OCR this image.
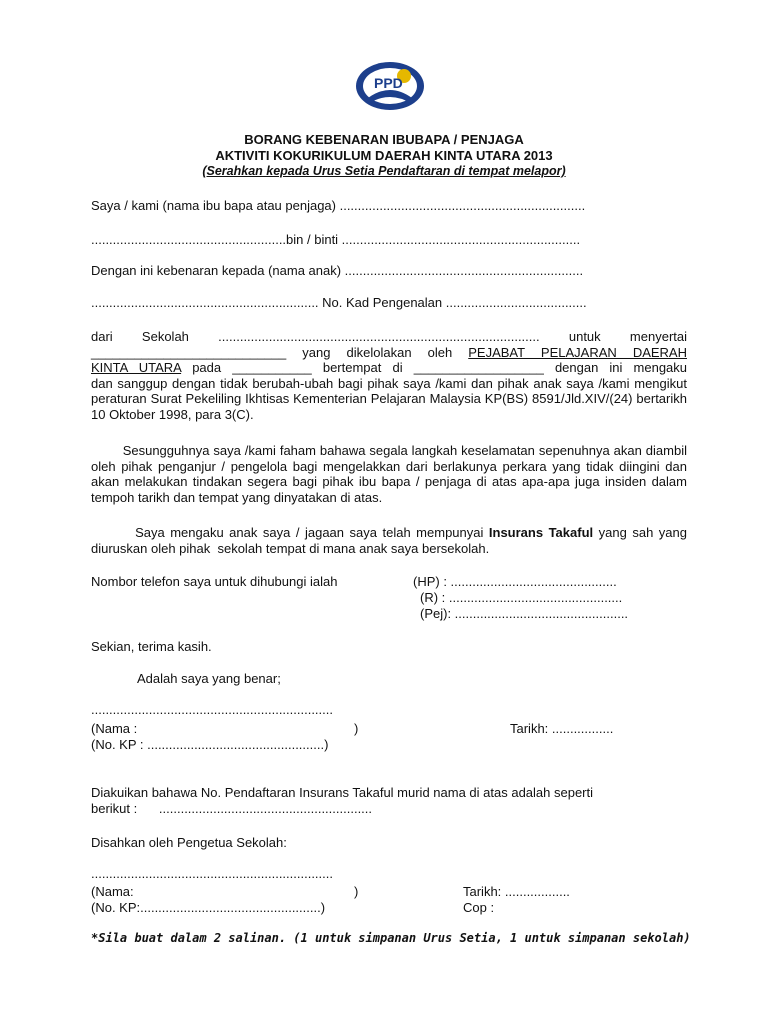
PPD
BORANG KEBENARAN IBUBAPA / PENJAGA
AKTIVITI KOKURIKULUM DAERAH KINTA UTARA 2013
(Serahkan kepada Urus Setia Pendaftaran di tempat melapor)
Saya / kami (nama ibu bapa atau penjaga) ....................................................................
......................................................bin / binti ..................................................................
Dengan ini kebenaran kepada (nama anak) ..................................................................
............................................................... No. Kad Pengenalan .......................................

dari Sekolah ......................................................................................... untuk menyertai

___________________________ yang dikelolakan oleh PEJABAT PELAJARAN DAERAH

KINTA UTARA pada ___________ bertempat di __________________ dengan ini mengaku

dan sanggup dengan tidak berubah-ubah bagi pihak saya /kami dan pihak anak saya /kami mengikut peraturan Surat Pekeliling Ikhtisas Kementerian Pelajaran Malaysia KP(BS) 8591/Jld.XIV/(24) bertarikh 10 Oktober 1998, para 3(C).

Sesungguhnya saya /kami faham bahawa segala langkah keselamatan sepenuhnya akan diambil oleh pihak penganjur / pengelola bagi mengelakkan dari berlakunya perkara yang tidak diingini dan akan melakukan tindakan segera bagi pihak ibu bapa / penjaga di atas apa-apa juga insiden dalam tempoh tarikh dan tempat yang dinyatakan di atas.
Saya mengaku anak saya / jagaan saya telah mempunyai Insurans Takaful yang sah yang diuruskan oleh pihak  sekolah tempat di mana anak saya bersekolah.
Nombor telefon saya untuk dihubungi ialah	(HP) : ..............................................
(R) : ................................................
(Pej): ................................................
Sekian, terima kasih.
Adalah saya yang benar;
...................................................................
(Nama :                                                            )
(No. KP : .................................................)
Tarikh: .................
Diakuikan bahawa No. Pendaftaran Insurans Takaful murid nama di atas adalah seperti
berikut :      ...........................................................
Disahkan oleh Pengetua Sekolah:
...................................................................
(Nama:                                                             )
(No. KP:..................................................)
Tarikh: ..................
Cop :
*Sila buat dalam 2 salinan. (1 untuk simpanan Urus Setia, 1 untuk simpanan sekolah)
